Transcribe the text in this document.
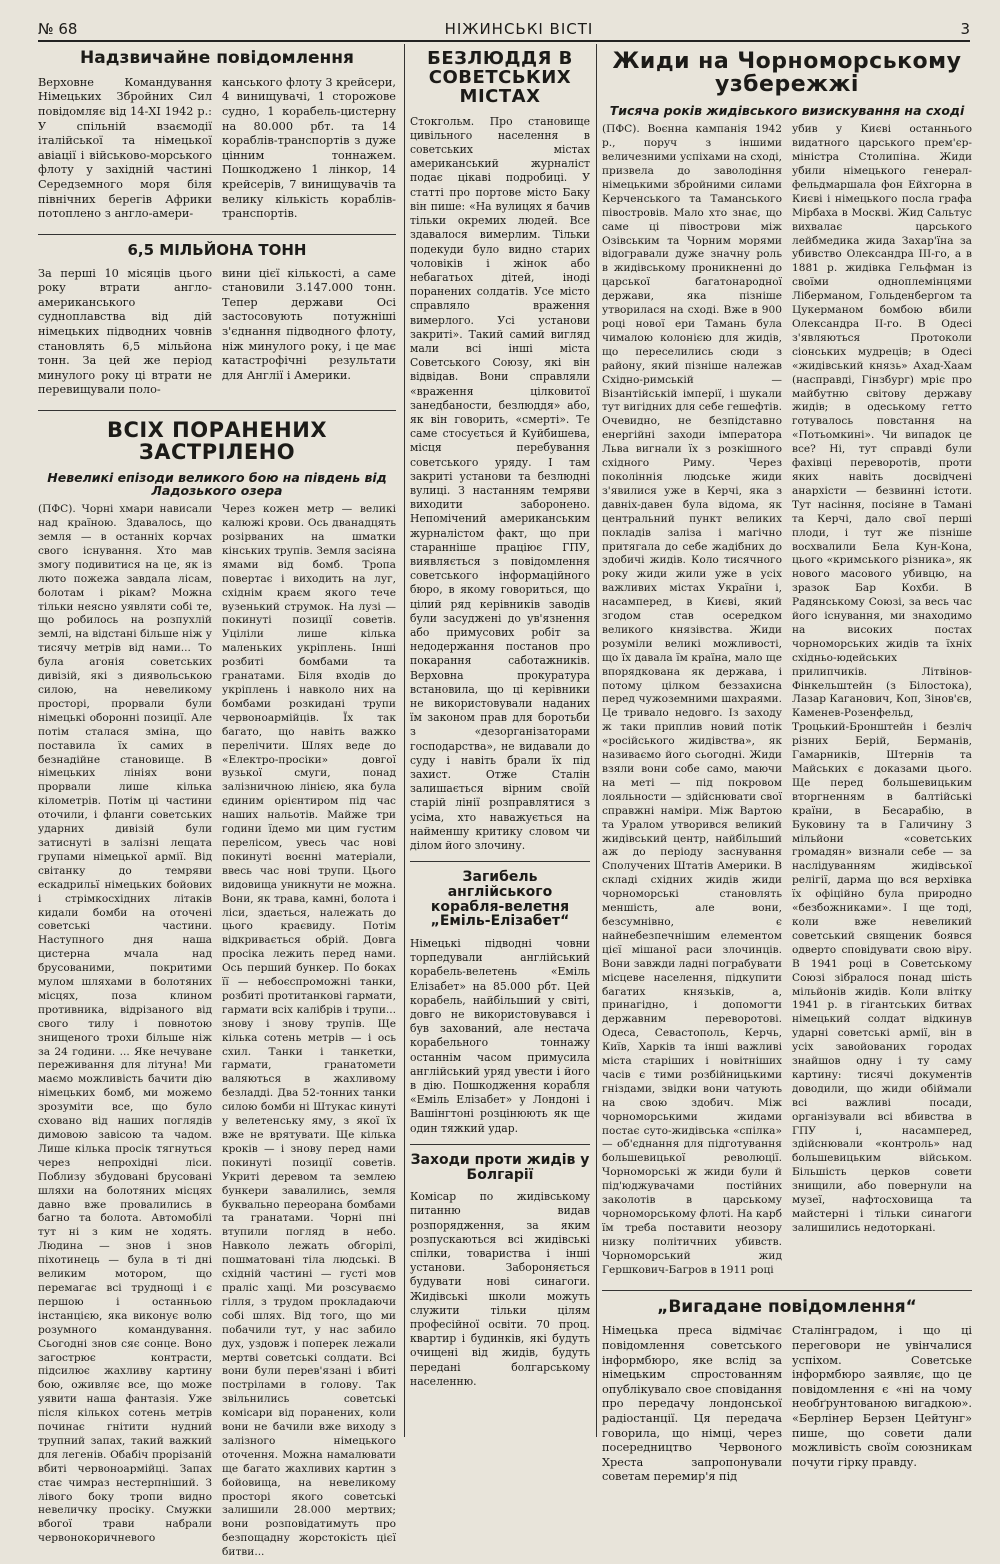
№ 68	НІЖИНСЬКІ ВІСТІ	3
Надзвичайне повідомлення
Верховне Командування Німецьких Збройних Сил повідомляє від 14-XI 1942 р.: У спільній взаємодії італійської та німецької авіації і військово-морського флоту у західній частині Середземного моря біля північних берегів Африки потоплено з англо-амери-
канського флоту 3 крейсери, 4 винищувачі, 1 сторожове судно, 1 корабель-цистерну на 80.000 рбт. та 14 кораблів-транспортів з дуже цінним тоннажем. Пошкоджено 1 лінкор, 14 крейсерів, 7 винищувачів та велику кількість кораблів-транспортів.
6,5 МІЛЬЙОНА ТОНН
За перші 10 місяців цього року втрати англо-американського судноплавства від дій німецьких підводних човнів становлять 6,5 мільйона тонн. За цей же період минулого року ці втрати не перевищували поло-
вини цієї кількості, а саме становили 3.147.000 тонн. Тепер держави Осі застосовують потужніші з'єднання підводного флоту, ніж минулого року, і це має катастрофічні результати для Англії і Америки.
ВСІХ ПОРАНЕНИХ ЗАСТРІЛЕНО
Невеликі епізоди великого бою на південь від Ладозького озера
(ПФС). Чорні хмари нависали над країною. Здавалось, що земля — в останніх корчах свого існування. Хто мав змогу подивитися на це, як із люто пожежа завдала лісам, болотам і рікам? Можна тільки неясно уявляти собі те, що робилось на розпухлій землі, на відстані більше ніж у тисячу метрів від нами... То була агонія советських дивізій, які з диявольською силою, на невеликому просторі, прорвали були німецькі оборонні позиції. Але потім сталася зміна, що поставила їх самих в безнадійне становище. В німецьких лініях вони прорвали лише кілька кілометрів. Потім ці частини оточили, і фланги советських ударних дивізій були затиснуті в залізні лещата групами німецької армії. Від світанку до темряви ескадрильї німецьких бойових і стрімкосхідних літаків кидали бомби на оточені советські частини. Наступного дня наша цистерна мчала над брусованими, покритими мулом шляхами в болотяних місцях, поза клином противника, відрізаного від свого тилу і повнотою знищеного трохи більше ніж за 24 години. ... Яке нечуване переживання для літуна! Ми маємо можливість бачити дію німецьких бомб, ми можемо зрозуміти все, що було сховано від наших поглядів димовою завісою та чадом. Лише кілька просік тягнуться через непрохідні ліси. Поблизу збудовані брусовані шляхи на болотяних місцях давно вже провалились в багно та болота. Автомобілі тут ні з ким не ходять. Людина — знов і знов піхотинець — була в ті дні великим мотором, що перемагає всі труднощі і є першою і останньою інстанцією, яка виконує волю розумного командування. Сьогодні знов сяє сонце. Воно загострює контрасти, підсилює жахливу картину бою, оживляє все, що може уявити наша фантазія. Уже після кількох сотень метрів починає гнітити нудний трупний запах, такий важкий для легенів. Обабіч прорізаній вбиті червоноармійці. Запах стає чимраз нестерпніший. З лівого боку тропи видно невеличку просіку. Смужки вбогої трави набрали червонокоричневого
Через кожен метр — великі калюжі крови. Ось дванадцять розірваних на шматки кінських трупів. Земля засіяна ямами від бомб. Тропа повертає і виходить на луг, східнім краєм якого тече вузенький струмок. На лузі — покинуті позиції советів. Уціліли лише кілька маленьких укріплень. Інші розбиті бомбами та гранатами. Біля входів до укріплень і навколо них на бомбами розкидані трупи червоноармійців. Їх так багато, що навіть важко перелічити. Шлях веде до «Електро-просіки» довгої вузької смуги, понад залізничною лінією, яка була єдиним орієнтиром під час наших нальотів. Майже три години їдемо ми цим густим перелісом, увесь час нові покинуті воєнні матеріали, ввесь час нові трупи. Цього видовища уникнути не можна. Вони, як трава, камні, болота і ліси, здається, належать до цього краєвиду. Потім відкривається обрій. Довга просіка лежить перед нами. Ось перший бункер. По боках її — небоєспроможні танки, розбиті протитанкові гармати, гармати всіх калібрів і трупи... знову і знову трупів. Ще кілька сотень метрів — і ось схил. Танки і танкетки, гармати, гранатомети валяються в жахливому безладді. Два 52-тонних танки силою бомби ні Штукас кинуті у велетенську яму, з якої їх вже не врятувати. Ще кілька кроків — і знову перед нами покинуті позиції советів. Укриті деревом та землею бункери завалились, земля буквально переорана бомбами та гранатами. Чорні пні втупили погляд в небо. Навколо лежать обгорілі, пошматовані тіла людські. В східній частині — густі мов праліс хащі. Ми розсуваємо гілля, з трудом прокладаючи собі шлях. Від того, що ми побачили тут, у нас забило дух, уздовж і поперек лежали мертві советські солдати. Всі вони були перев'язані і вбиті пострілами в голову. Так звільнились советські комісари від поранених, коли вони не бачили вже виходу з залізного німецького оточення. Можна намалювати ще багато жахливих картин з бойовища, на невеликому просторі якого советські залишили 28.000 мертвих; вони розповідатимуть про безпощадну жорстокість цієї битви...
БЕЗЛЮДДЯ В СОВЕТСЬКИХ МІСТАХ
Стокгольм. Про становище цивільного населення в советських містах американський журналіст подає цікаві подробиці. У статті про портове місто Баку він пише: «На вулицях я бачив тільки окремих людей. Все здавалося вимерлим. Тільки подекуди було видно старих чоловіків і жінок або небагатьох дітей, іноді поранених солдатів. Усе місто справляло враження вимерлого. Усі установи закриті». Такий самий вигляд мали всі інші міста Советського Союзу, які він відвідав. Вони справляли «враження цілковитої занедбаности, безлюддя» або, як він говорить, «смерті». Те саме стосується й Куйбишева, місця перебування советського уряду. І там закриті установи та безлюдні вулиці. З настанням темряви виходити заборонено. Непомічений американським журналістом факт, що при старанніше праціює ГПУ, виявляється з повідомлення советського інформаційного бюро, в якому говориться, що цілий ряд керівників заводів були засуджені до ув'язнення або примусових робіт за недодержання постанов про покарання саботажників. Верховна прокуратура встановила, що ці керівники не використовували наданих їм законом прав для боротьби з «дезорганізаторами господарства», не видавали до суду і навіть брали їх під захист. Отже Сталін залишається вірним своїй старій лінії розправлятися з усіма, хто наважується на найменшу критику словом чи ділом його злочину.
Загибель англійського корабля-велетня „Еміль-Елізабет“
Німецькі підводні човни торпедували англійський корабель-велетень «Еміль Елізабет» на 85.000 рбт. Цей корабель, найбільший у світі, довго не використовувався і був захований, але нестача корабельного тоннажу останнім часом примусила англійський уряд увести і його в дію. Пошкодження корабля «Еміль Елізабет» у Лондоні і Вашінгтоні розцінюють як ще один тяжкий удар.
Заходи проти жидів у Болгарії
Комісар по жидівському питанню видав розпорядження, за яким розпускаються всі жидівські спілки, товариства і інші установи. Забороняється будувати нові синагоги. Жидівські школи можуть служити тільки цілям професійної освіти. 70 проц. квартир і будинків, які будуть очищені від жидів, будуть передані болгарському населенню.
Жиди на Чорноморському узбережжі
Тисяча років жидівського визискування на сході
(ПФС). Воєнна кампанія 1942 р., поруч з іншими величезними успіхами на сході, призвела до заволодіння німецькими збройними силами Керченського та Таманського півостровів. Мало хто знає, що саме ці півострови між Озівським та Чорним морями відогравали дуже значну роль в жидівському проникненні до царської багатонародної держави, яка пізніше утворилася на сході. Вже в 900 році нової ери Тамань була чималою колонією для жидів, що переселились сюди з району, який пізніше належав Східно-римській — Візантійській імперії, і шукали тут вигідних для себе гешефтів. Очевидно, не безпідставно енергійні заходи імператора Льва вигнали їх з розкішного східного Риму. Через поколіннія людське жиди з'явилися уже в Керчі, яка з давніх-давен була відома, як центральний пункт великих покладів заліза і магічно притягала до себе жадібних до здобичі жидів. Коло тисячного року жиди жили уже в усіх важливих містах України і, насамперед, в Києві, який згодом став осередком великого князівства. Жиди розуміли великі можливості, що їх давала їм країна, мало ще впорядкована як держава, і потому цілком беззахисна перед чужоземними шахраями. Це тривало недовго. Із заходу ж таки приплив новий потік «російського жидівства», як називаємо його сьогодні. Жиди взяли вони собе само, маючи на меті — під покровом лояльности — здійснювати свої справжні наміри. Між Вартою та Уралом утворився великий жидівський центр, найбільший аж до періоду заснування Сполучених Штатів Америки. В складі східних жидів жиди чорноморські становлять меншість, але вони, безсумнівно, є найнебезпечнішим елементом цієї мішаної раси злочинців. Вони завжди ладні пограбувати місцеве населення, підкупити багатих князьків, а, принагідно, і допомогти державним переворотові. Одеса, Севастополь, Керчь, Київ, Харків та інші важливі міста старіших і новітніших часів є тими розбійницькими гніздами, звідки вони чатують на свою здобич. Між чорноморськими жидами постає суто-жидівська «спілка» — об'єднання для підготування большевицької революції. Чорноморські ж жиди були й під'юджувачами постійних заколотів в царському чорноморському флоті. На карб їм треба поставити неозору низку політичних убивств. Чорноморський жид Гершкович-Багров в 1911 році
убив у Києві останнього видатного царського прем'єр-міністра Столипіна. Жиди убили німецького генерал-фельдмаршала фон Ейхгорна в Києві і німецького посла графа Мірбаха в Москві. Жид Сальтус вихвалає царського лейбмедика жида Захар'їна за убивство Олександра III-го, а в 1881 р. жидівка Гельфман із своїми одноплемінцями Ліберманом, Гольденбергом та Цукерманом бомбою вбили Олександра II-го. В Одесі з'являються Протоколи сіонських мудреців; в Одесі «жидівський князь» Ахад-Хаам (насправді, Гінзбург) мріє про майбутню світову державу жидів; в одеському гетто готувалось повстання на «Потьомкині». Чи випадок це все? Ні, тут справді були фахівці переворотів, проти яких навіть досвідчені анархісти — безвинні істоти. Тут насіння, посіяне в Тамані та Керчі, дало свої перші плоди, і тут же пізніше восхвалили Бела Кун-Кона, цього «кримського різника», як нового масового убивцю, на зразок Бар Кохби. В Радянському Союзі, за весь час його існування, ми знаходимо на високих постах чорноморських жидів та їхніх східньо-юдейських прилипчиків. Літвінов-Фінкельштейн (з Білостока), Лазар Каганович, Коп, Зінов'єв, Каменев-Розенфельд, Троцький-Бронштейн і безліч різних Берій, Берманів, Гамарників, Штернів та Майських є доказами цього. Ще перед большевицьким вторгненням в балтійські країни, в Бесарабію, в Буковину та в Галичину 3 мільйони «советських громадян» визнали себе — за наслідуванням жидівської релігії, дарма що вся верхівка їх офіційно була природно «безбожниками». І ще тоді, коли вже невеликий советський священик боявся одверто сповідувати свою віру. В 1941 році в Советському Союзі зібралося понад шість мільйонів жидів. Коли влітку 1941 р. в гігантських битвах німецький солдат відкинув ударні советські армії, він в усіх завойованих городах знайшов одну і ту саму картину: тисячі документів доводили, що жиди обіймали всі важливі посади, організували всі вбивства в ГПУ і, насамперед, здійснювали «контроль» над большевицьким військом. Більшість церков совети знищили, або повернули на музеї, нафтосховища та майстерні і тільки синагоги залишились недоторкані.
„Вигадане повідомлення“
Німецька преса відмічає повідомлення советського інформбюро, яке вслід за німецьким спростованням опублікувало свое сповідання про передачу лондонської радіостанції. Ця передача говорила, що німці, через посередництво Червоного Хреста запропонували советам перемир'я під
Сталінградом, і що ці переговори не увінчалися успіхом. Советське інформбюро заявляє, що це повідомлення є «ні на чому необґрунтованою вигадкою». «Берлінер Берзен Цейтунг» пише, що совети дали можливість своїм союзникам почути гірку правду.
